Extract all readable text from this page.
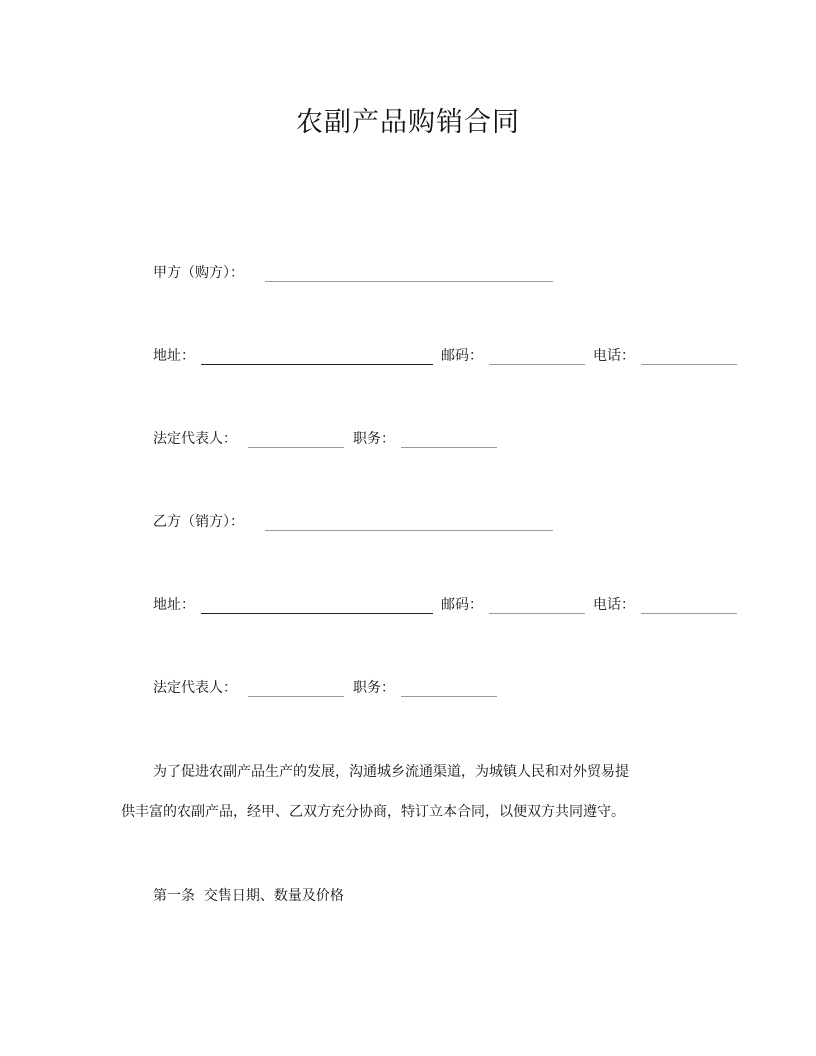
农副产品购销合同
甲方（购方）：
地址：	邮码：	电话：
法定代表人：	职务：
乙方（销方）：
地址：	邮码：	电话：
法定代表人：	职务：
为了促进农副产品生产的发展，沟通城乡流通渠道，为城镇人民和对外贸易提
供丰富的农副产品，经甲、乙双方充分协商，特订立本合同，以便双方共同遵守。
第一条  交售日期、数量及价格
